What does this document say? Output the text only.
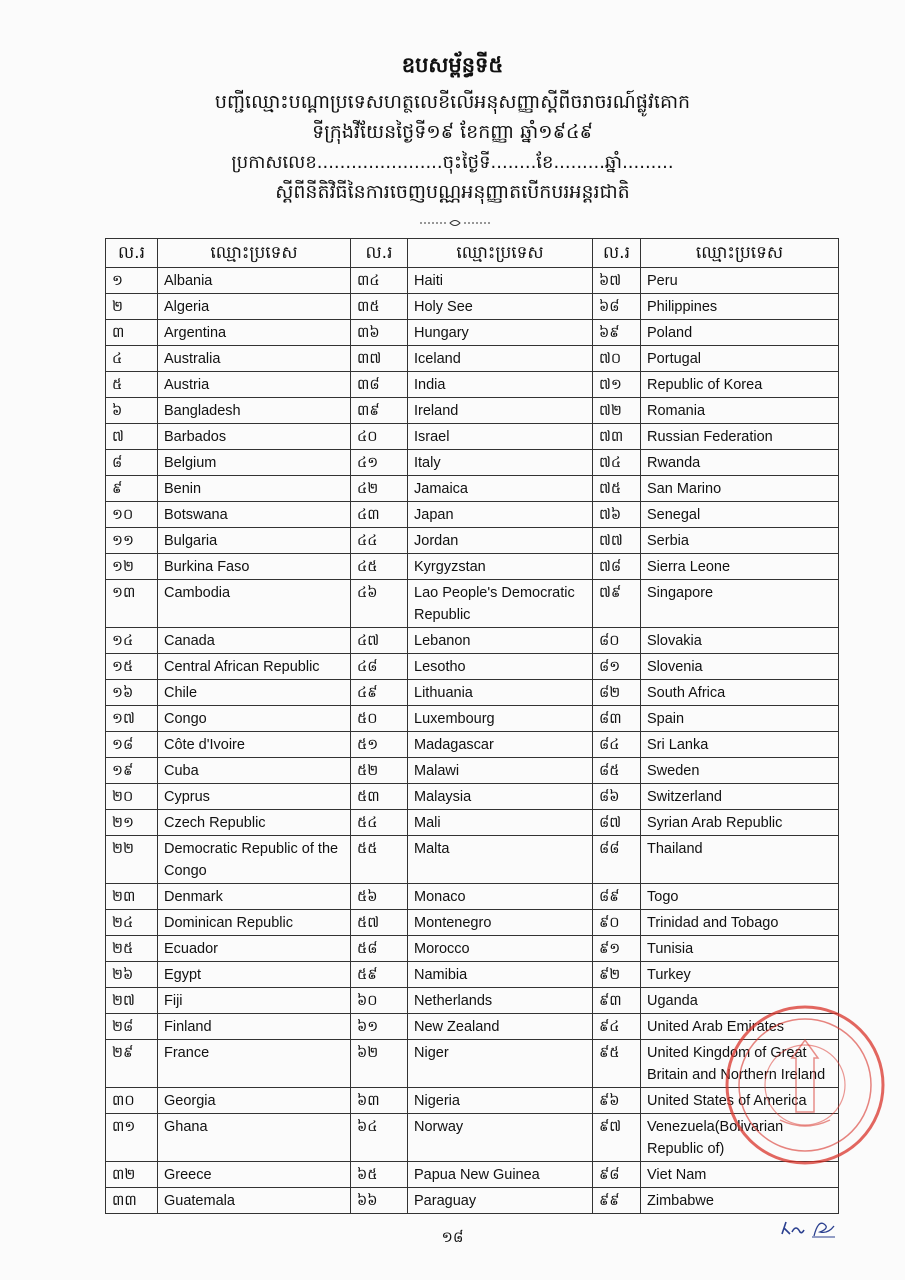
ឧបសម្ព័ន្ធទី៥
បញ្ជីឈ្មោះបណ្តាប្រទេសហត្ថលេខីលើអនុសញ្ញាស្តីពីចរាចរណ៍ផ្លូវគោក
ទីក្រុងវីយែនថ្ងៃទី១៩ ខែកញ្ញា ឆ្នាំ១៩៤៩
ប្រកាសលេខ......................ចុះថ្ងៃទី........ខែ.........ឆ្នាំ.........
ស្តីពីនីតិវិធីនៃការចេញបណ្ណអនុញ្ញាតបើកបរអន្តរជាតិ
ល.រ	ឈ្មោះប្រទេស	ល.រ	ឈ្មោះប្រទេស	ល.រ	ឈ្មោះប្រទេស
១	Albania	៣៤	Haiti	៦៧	Peru
២	Algeria	៣៥	Holy See	៦៨	Philippines
៣	Argentina	៣៦	Hungary	៦៩	Poland
៤	Australia	៣៧	Iceland	៧០	Portugal
៥	Austria	៣៨	India	៧១	Republic of Korea
៦	Bangladesh	៣៩	Ireland	៧២	Romania
៧	Barbados	៤០	Israel	៧៣	Russian Federation
៨	Belgium	៤១	Italy	៧៤	Rwanda
៩	Benin	៤២	Jamaica	៧៥	San Marino
១០	Botswana	៤៣	Japan	៧៦	Senegal
១១	Bulgaria	៤៤	Jordan	៧៧	Serbia
១២	Burkina Faso	៤៥	Kyrgyzstan	៧៨	Sierra Leone
១៣	Cambodia	៤៦	Lao People's Democratic Republic	៧៩	Singapore
១៤	Canada	៤៧	Lebanon	៨០	Slovakia
១៥	Central African Republic	៤៨	Lesotho	៨១	Slovenia
១៦	Chile	៤៩	Lithuania	៨២	South Africa
១៧	Congo	៥០	Luxembourg	៨៣	Spain
១៨	Côte d'Ivoire	៥១	Madagascar	៨៤	Sri Lanka
១៩	Cuba	៥២	Malawi	៨៥	Sweden
២០	Cyprus	៥៣	Malaysia	៨៦	Switzerland
២១	Czech Republic	៥៤	Mali	៨៧	Syrian Arab Republic
២២	Democratic Republic of the Congo	៥៥	Malta	៨៨	Thailand
២៣	Denmark	៥៦	Monaco	៨៩	Togo
២៤	Dominican Republic	៥៧	Montenegro	៩០	Trinidad and Tobago
២៥	Ecuador	៥៨	Morocco	៩១	Tunisia
២៦	Egypt	៥៩	Namibia	៩២	Turkey
២៧	Fiji	៦០	Netherlands	៩៣	Uganda
២៨	Finland	៦១	New Zealand	៩៤	United Arab Emirates
២៩	France	៦២	Niger	៩៥	United Kingdom of Great Britain and Northern Ireland
៣០	Georgia	៦៣	Nigeria	៩៦	United States of America
៣១	Ghana	៦៤	Norway	៩៧	Venezuela(Bolivarian Republic of)
៣២	Greece	៦៥	Papua New Guinea	៩៨	Viet Nam
៣៣	Guatemala	៦៦	Paraguay	៩៩	Zimbabwe
១៨
